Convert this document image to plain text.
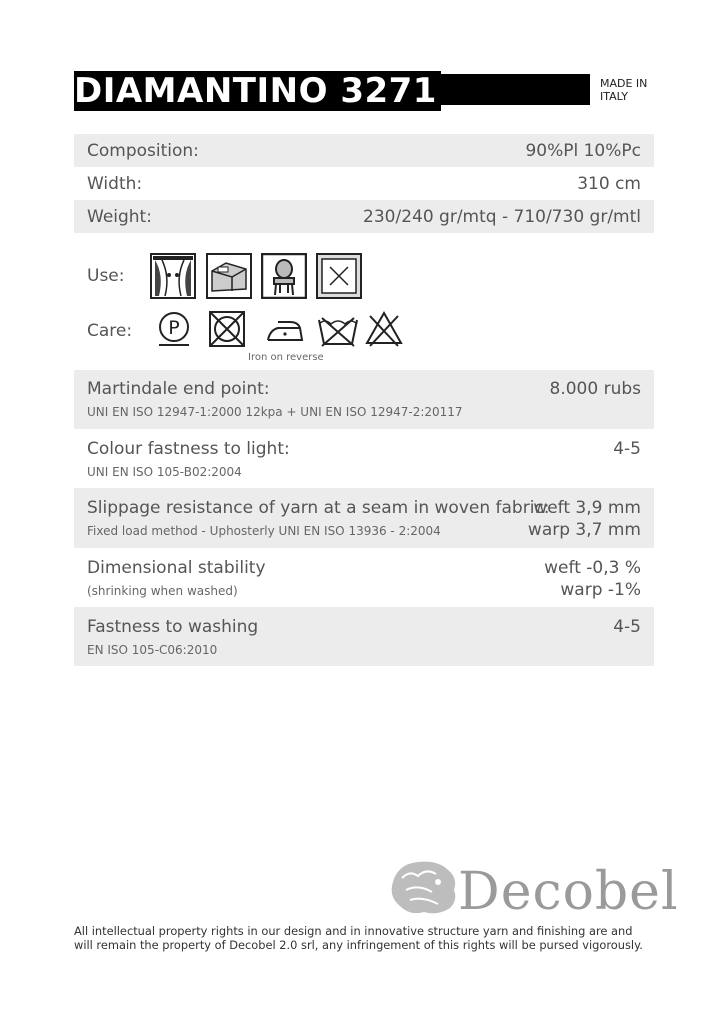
DIAMANTINO 3271	MADE IN
ITALY
Composition:	90%Pl 10%Pc
Width:	310 cm
Weight:	230/240 gr/mtq - 710/730 gr/mtl
Use:
Care: P
Iron on reverse
Martindale end point:	8.000 rubs
UNI EN ISO 12947-1:2000 12kpa + UNI EN ISO 12947-2:20117
Colour fastness to light:	4-5
UNI EN ISO 105-B02:2004
Slippage resistance of yarn at a seam in woven fabric:
weft 3,9 mm
warp 3,7 mm
Fixed load method - Uphosterly UNI EN ISO 13936 - 2:2004
Dimensional stability	weft -0,3 %
warp -1%
(shrinking when washed)
Fastness to washing	4-5
EN ISO 105-C06:2010
Decobel
All intellectual property rights in our design and in innovative structure yarn and finishing are and
will remain the property of Decobel 2.0 srl, any infringement of this rights will be pursed vigorously.
